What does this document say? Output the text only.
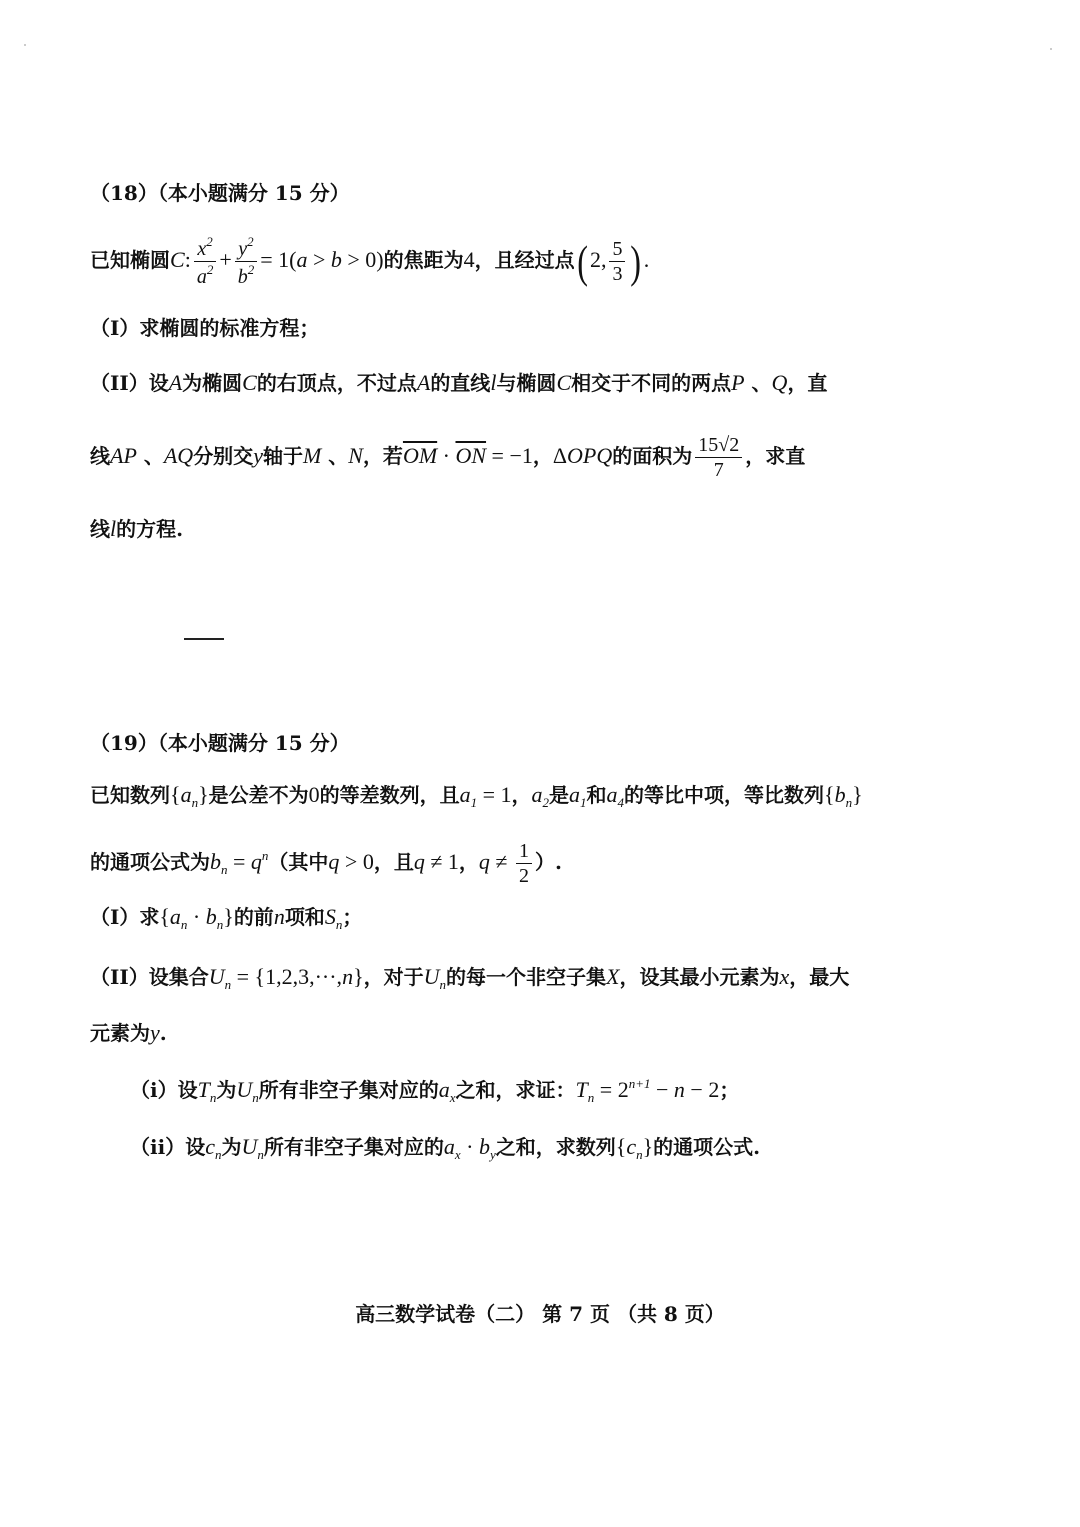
（18）（本小题满分 15 分）
已知椭圆C: $\frac{x^2}{a^2} + \frac{y^2}{b^2} = 1(a > b > 0)$的焦距为4，且经过点( 2, $\frac{5}{3}$ ) .
（I）求椭圆的标准方程；
（II）设A为椭圆C的右顶点，不过点A的直线l与椭圆C相交于不同的两点P 、Q，直
线AP 、AQ分别交y轴于M 、N，若$\overline{OM} \cdot \overline{ON} = -1$，ΔOPQ的面积为 $\frac{15√2}{7}$ ，求直
线l的方程.
（19）（本小题满分 15 分）
已知数列$\{a_n\}$是公差不为0的等差数列，且$a_1 = 1$，$a_2$是$a_1$和$a_4$的等比中项，等比数列$\{b_n\}$
的通项公式为$b_n = q^n$（其中q > 0，且q ≠ 1，$q \ne \frac{1}{2}$ ）.
（I）求$\{a_n \cdot b_n\}$的前n项和$S_n$；
（II）设集合$U_n = \{1,2,3,\cdot\cdot\cdot,n\}$，对于$U_n$的每一个非空子集X，设其最小元素为x，最大
元素为y.
（i）设$T_n$为$U_n$所有非空子集对应的$a_x$之和，求证：$T_n = 2^{n+1} - n - 2$；
（ii）设$c_n$为$U_n$所有非空子集对应的$a_x \cdot b_y$之和，求数列$\{c_n\}$的通项公式.
高三数学试卷（二） 第 7 页 （共 8 页）
